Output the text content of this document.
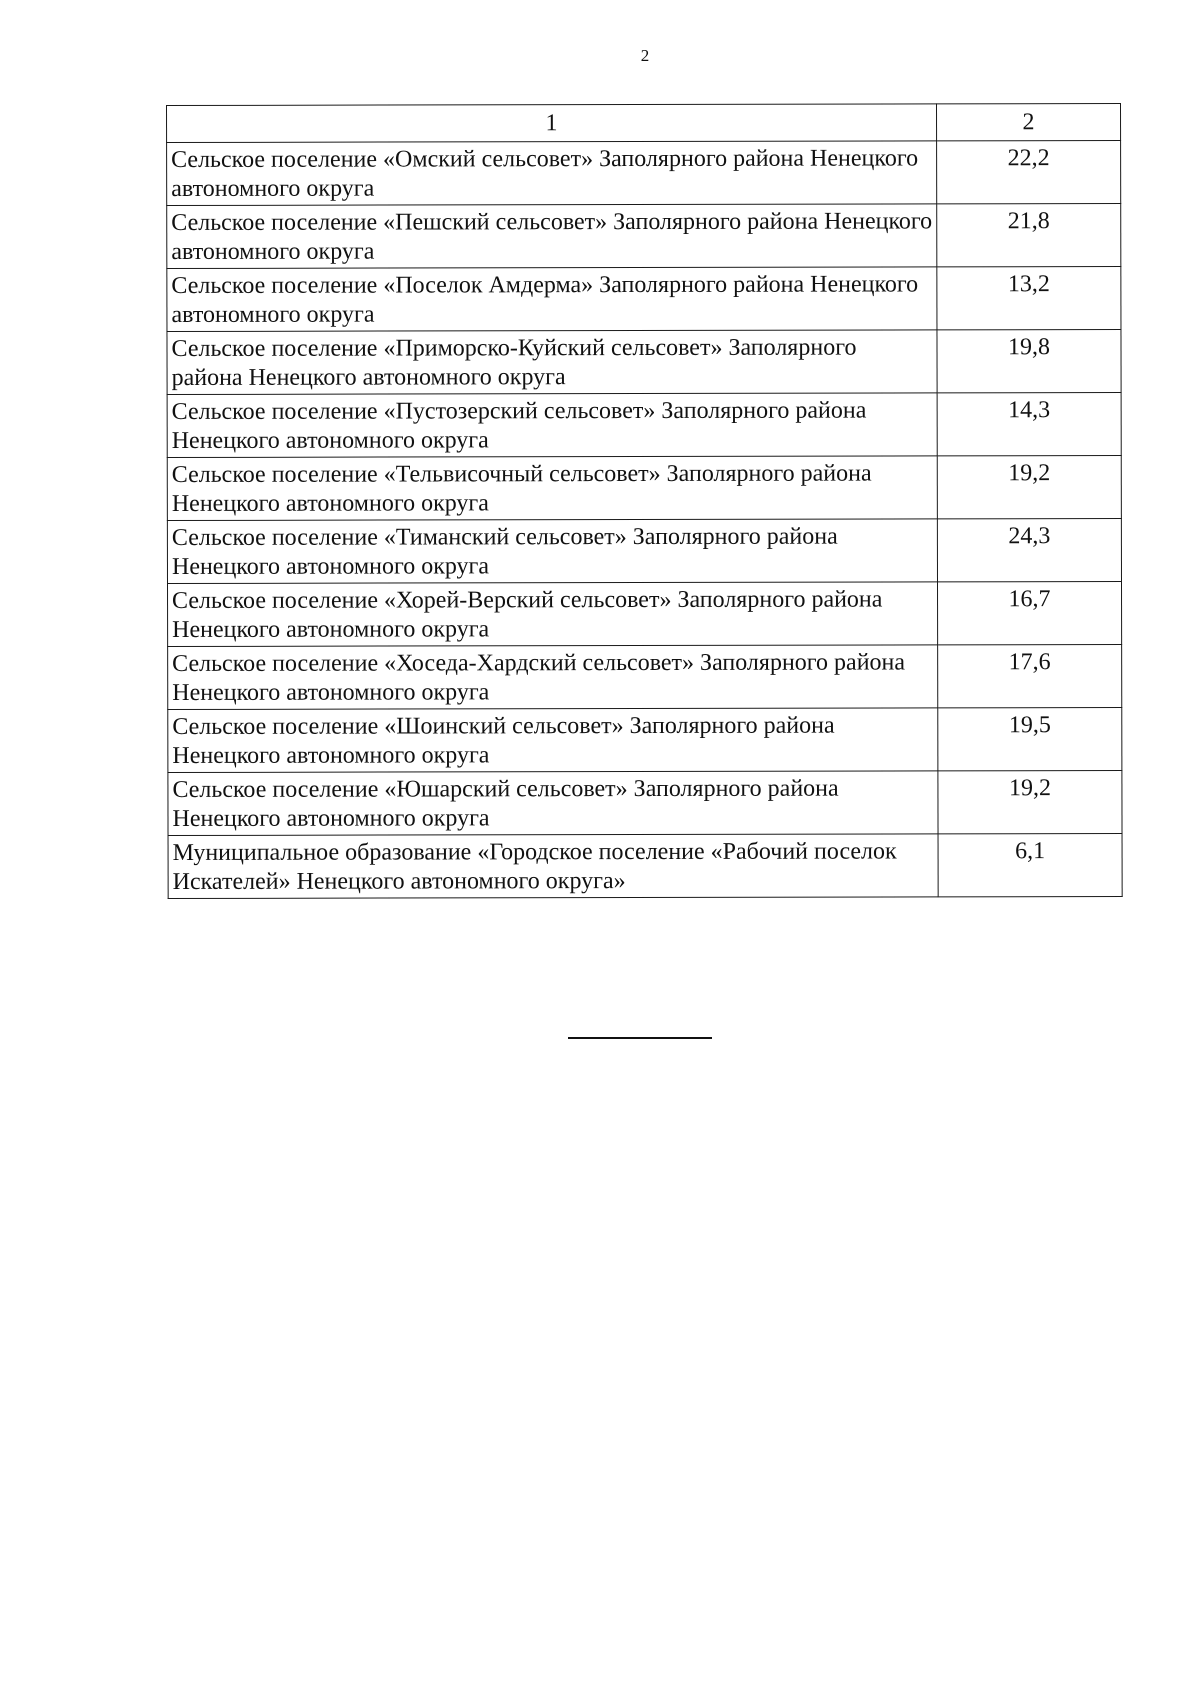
2
1	2
Сельское поселение «Омский сельсовет» Заполярного района Ненецкого автономного округа	22,2
Сельское поселение «Пешский сельсовет» Заполярного района Ненецкого автономного округа	21,8
Сельское поселение «Поселок Амдерма» Заполярного района Ненецкого автономного округа	13,2
Сельское поселение «Приморско-Куйский сельсовет» Заполярного района Ненецкого автономного округа	19,8
Сельское поселение «Пустозерский сельсовет» Заполярного района Ненецкого автономного округа	14,3
Сельское поселение «Тельвисочный сельсовет» Заполярного района Ненецкого автономного округа	19,2
Сельское поселение «Тиманский сельсовет» Заполярного района Ненецкого автономного округа	24,3
Сельское поселение «Хорей-Верский сельсовет» Заполярного района Ненецкого автономного округа	16,7
Сельское поселение «Хоседа-Хардский сельсовет» Заполярного района Ненецкого автономного округа	17,6
Сельское поселение «Шоинский сельсовет» Заполярного района Ненецкого автономного округа	19,5
Сельское поселение «Юшарский сельсовет» Заполярного района Ненецкого автономного округа	19,2
Муниципальное образование «Городское поселение «Рабочий поселок Искателей» Ненецкого автономного округа»	6,1
